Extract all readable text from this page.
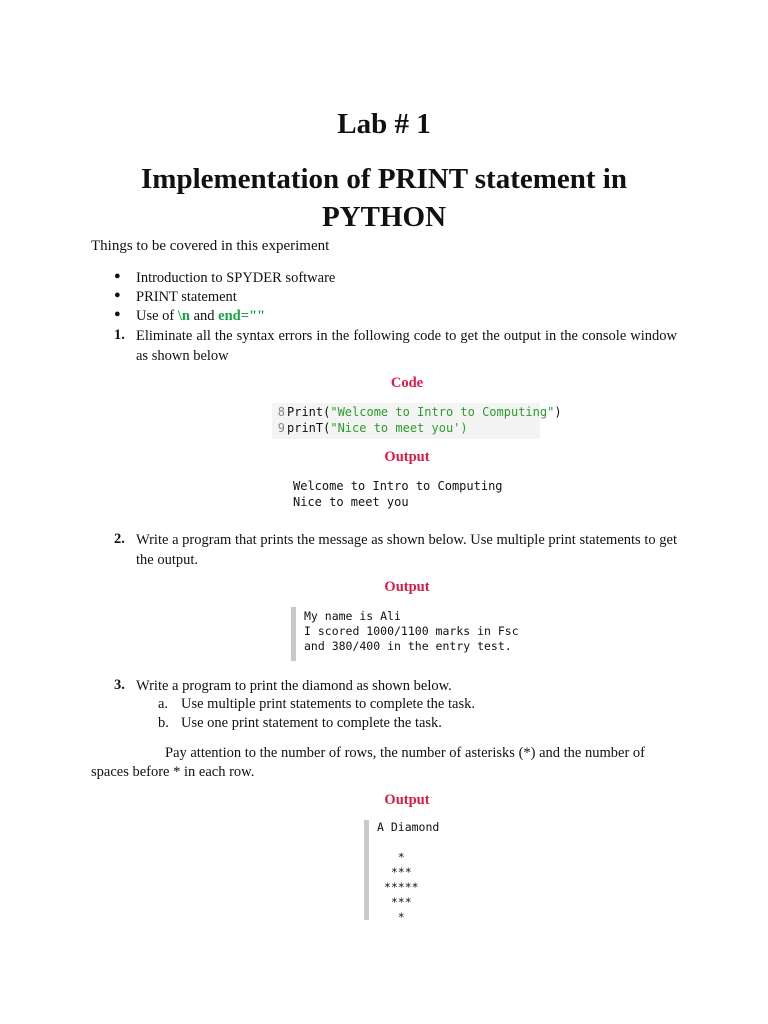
Lab # 1
Implementation of PRINT statement in
PYTHON
Things to be covered in this experiment
● Introduction to SPYDER software
● PRINT statement
● Use of \n and end=""
1. Eliminate all the syntax errors in the following code to get the output in the console window as shown below
Code
8 Print("Welcome to Intro to Computing")
9 prinT("Nice to meet you')
Output
Welcome to Intro to Computing
Nice to meet you
2. Write a program that prints the message as shown below. Use multiple print statements to get the output.
Output
My name is Ali
I scored 1000/1100 marks in Fsc
and 380/400 in the entry test.
3. Write a program to print the diamond as shown below.
a. Use multiple print statements to complete the task.
b. Use one print statement to complete the task.
Pay attention to the number of rows, the number of asterisks (*) and the number of
spaces before * in each row.
Output
A Diamond
*
***
*****
***
*
